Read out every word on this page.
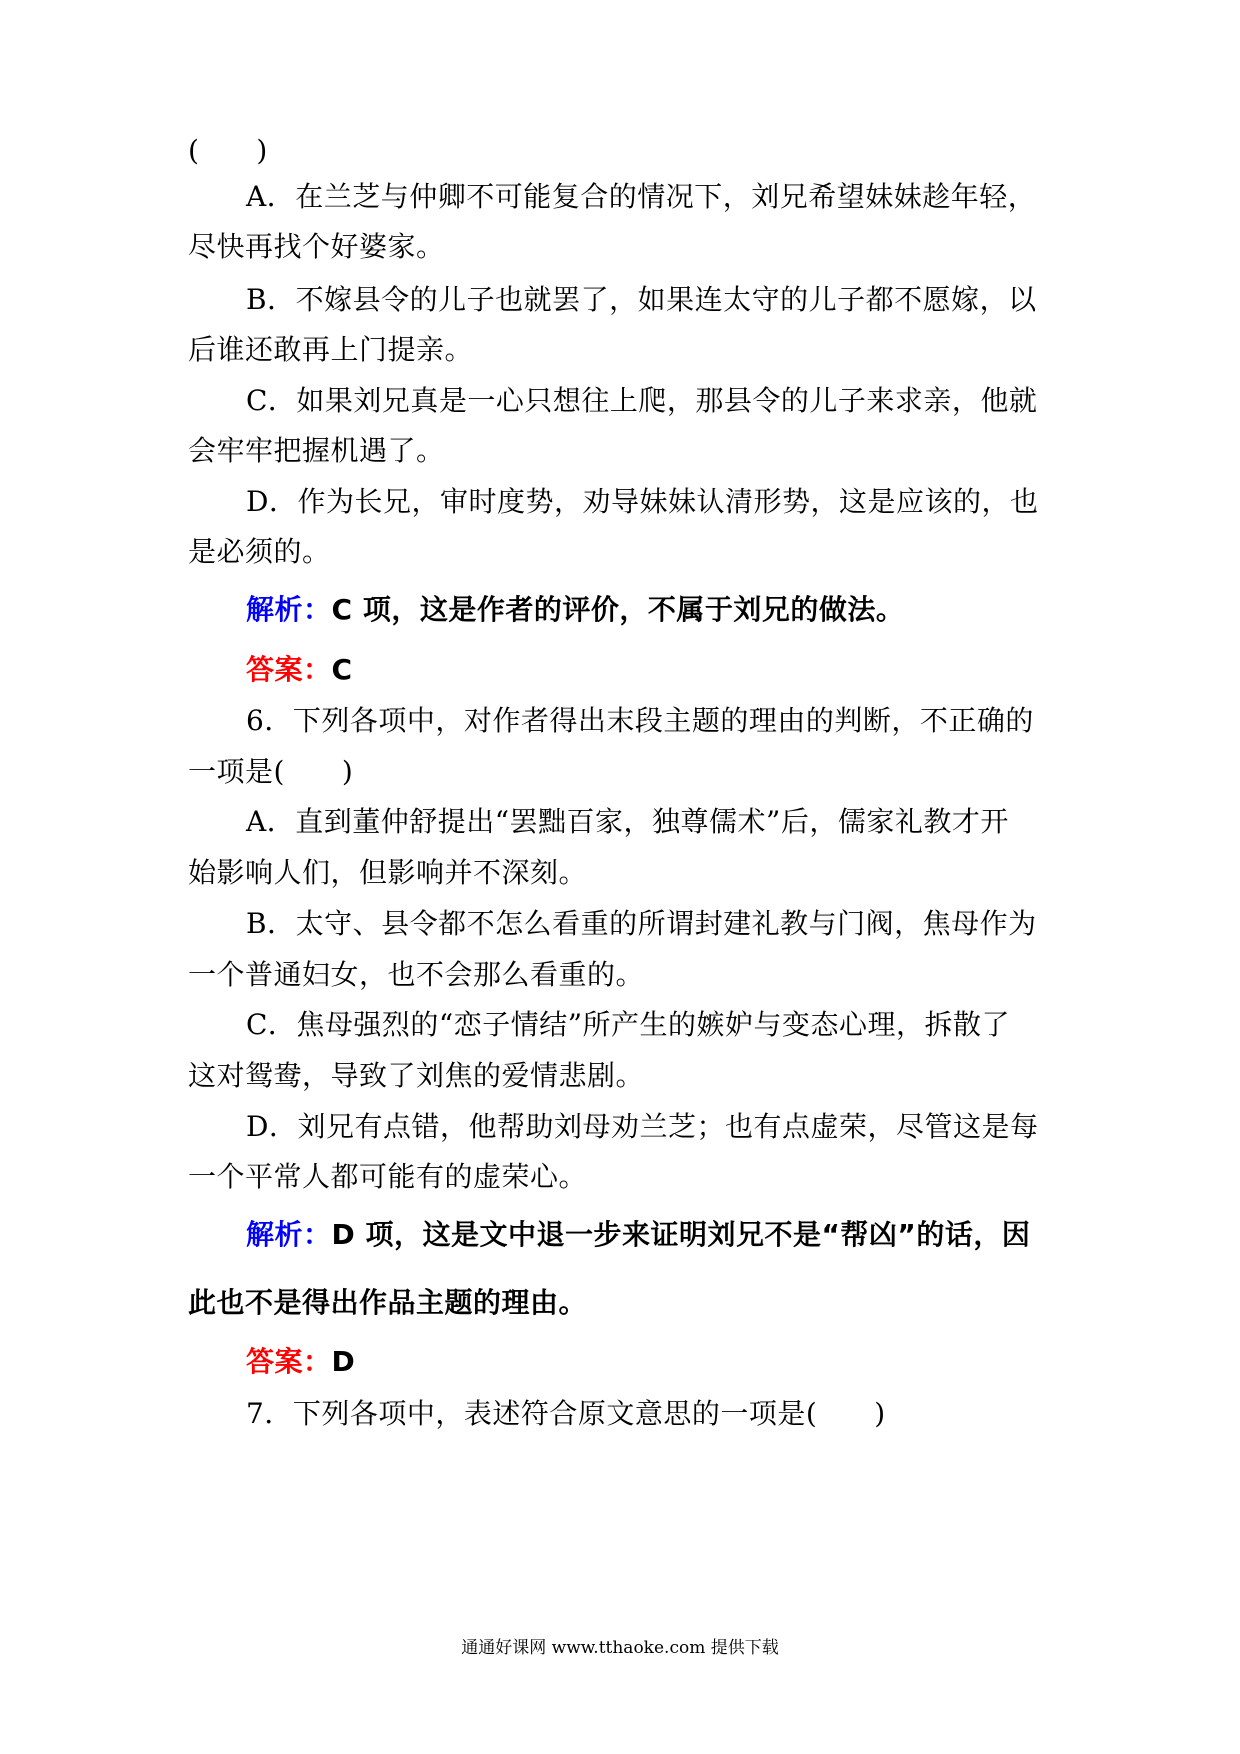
(　　)
A．在兰芝与仲卿不可能复合的情况下，刘兄希望妹妹趁年轻，
尽快再找个好婆家。
B．不嫁县令的儿子也就罢了，如果连太守的儿子都不愿嫁，以
后谁还敢再上门提亲。
C．如果刘兄真是一心只想往上爬，那县令的儿子来求亲，他就
会牢牢把握机遇了。
D．作为长兄，审时度势，劝导妹妹认清形势，这是应该的，也
是必须的。
解析：C 项，这是作者的评价，不属于刘兄的做法。
答案：C
6．下列各项中，对作者得出末段主题的理由的判断，不正确的
一项是(　　)
A．直到董仲舒提出“罢黜百家，独尊儒术”后，儒家礼教才开
始影响人们，但影响并不深刻。
B．太守、县令都不怎么看重的所谓封建礼教与门阀，焦母作为
一个普通妇女，也不会那么看重的。
C．焦母强烈的“恋子情结”所产生的嫉妒与变态心理，拆散了
这对鸳鸯，导致了刘焦的爱情悲剧。
D．刘兄有点错，他帮助刘母劝兰芝；也有点虚荣，尽管这是每
一个平常人都可能有的虚荣心。
解析：D 项，这是文中退一步来证明刘兄不是“帮凶”的话，因
此也不是得出作品主题的理由。
答案：D
7．下列各项中，表述符合原文意思的一项是(　　)
通通好课网 www.tthaoke.com 提供下载
